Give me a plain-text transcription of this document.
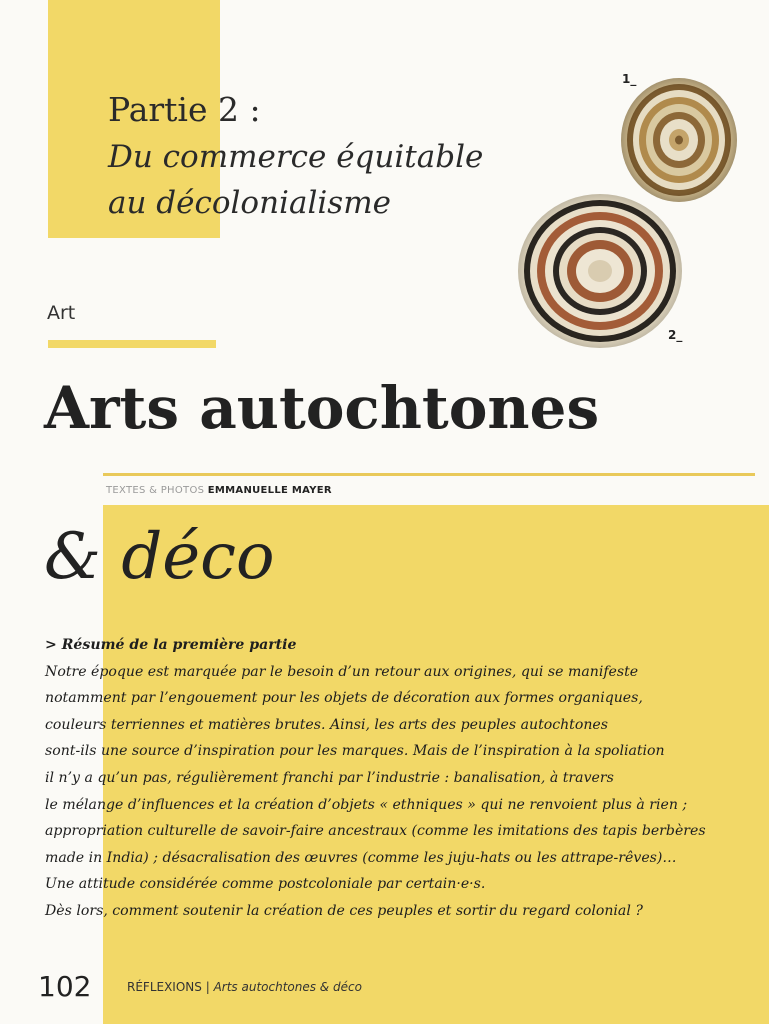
Partie 2 :
Du commerce équitable
au décolonialisme
1_
2_
Art
Arts autochtones
TEXTES & PHOTOS EMMANUELLE MAYER
& déco

> Résumé de la première partie

Notre époque est marquée par le besoin d’un retour aux origines, qui se manifeste

notamment par l’engouement pour les objets de décoration aux formes organiques,

couleurs terriennes et matières brutes. Ainsi, les arts des peuples autochtones

sont-ils une source d’inspiration pour les marques. Mais de l’inspiration à la spoliation

il n’y a qu’un pas, régulièrement franchi par l’industrie : banalisation, à travers

le mélange d’influences et la création d’objets « ethniques » qui ne renvoient plus à rien ;

appropriation culturelle de savoir-faire ancestraux (comme les imitations des tapis berbères

made in India) ; désacralisation des œuvres (comme les juju-hats ou les attrape-rêves)…

Une attitude considérée comme postcoloniale par certain·e·s.

Dès lors, comment soutenir la création de ces peuples et sortir du regard colonial ?

102	RÉFLEXIONS | Arts autochtones & déco
